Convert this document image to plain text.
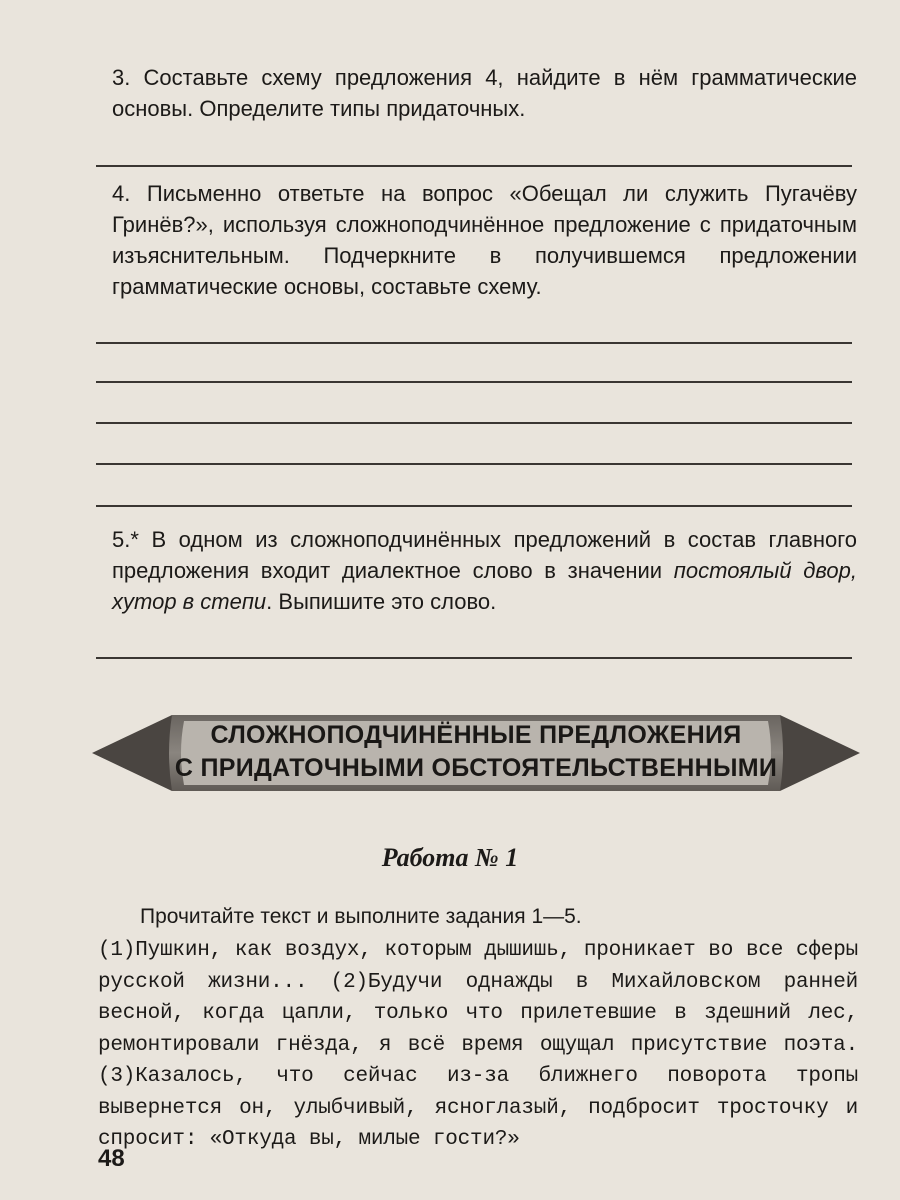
3. Составьте схему предложения 4, найдите в нём грамматические основы. Определите типы придаточных.
4. Письменно ответьте на вопрос «Обещал ли служить Пугачёву Гринёв?», используя сложноподчинённое предложение с придаточным изъяснительным. Подчеркните в получившемся предложении грамматические основы, составьте схему.
5.* В одном из сложноподчинённых предложений в состав главного предложения входит диалектное слово в значении постоялый двор, хутор в степи. Выпишите это слово.
СЛОЖНОПОДЧИНЁННЫЕ ПРЕДЛОЖЕНИЯ
С ПРИДАТОЧНЫМИ ОБСТОЯТЕЛЬСТВЕННЫМИ
Работа № 1
Прочитайте текст и выполните задания 1—5.
(1)Пушкин, как воздух, которым дышишь, проникает во все сферы русской жизни... (2)Будучи однажды в Михайловском ранней весной, когда цапли, только что прилетевшие в здешний лес, ремонтировали гнёзда, я всё время ощущал присутствие поэта. (3)Казалось, что сейчас из-за ближнего поворота тропы вывернется он, улыбчивый, ясноглазый, подбросит тросточку и спросит: «Откуда вы, милые гости?»
48
